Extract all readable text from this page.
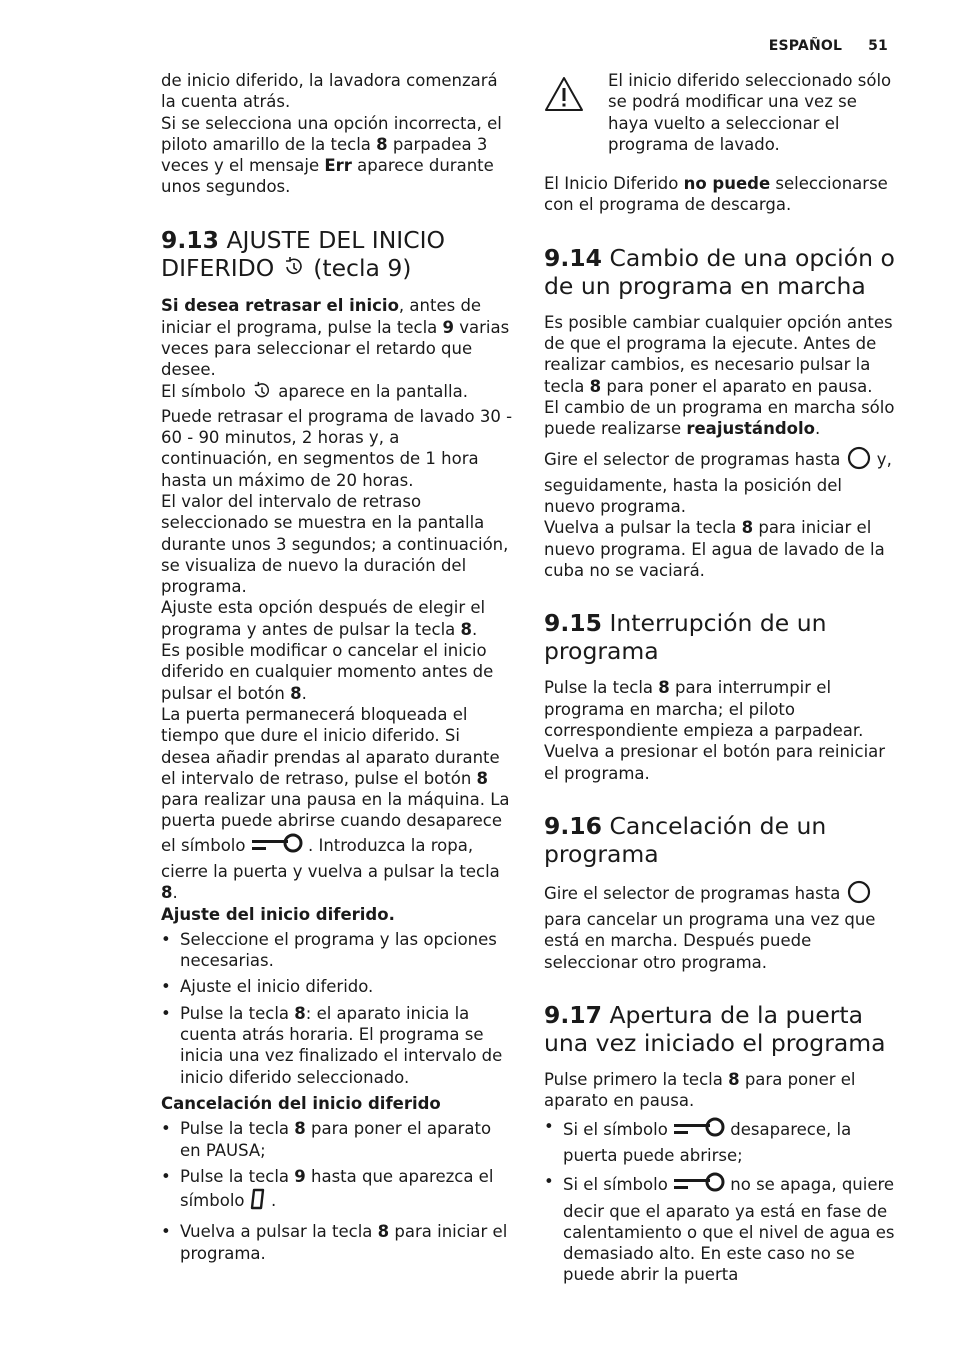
ESPAÑOL 51

de inicio diferido, la lavadora comenzará la cuenta atrás.

Si se selecciona una opción incorrecta, el piloto amarillo de la tecla 8 parpadea 3 veces y el mensaje Err aparece durante unos segundos.

9.13 AJUSTE DEL INICIO DIFERIDO  (tecla 9)

Si desea retrasar el inicio, antes de iniciar el programa, pulse la tecla 9 varias veces para seleccionar el retardo que desee.

El símbolo  aparece en la pantalla.

Puede retrasar el programa de lavado 30 - 60 - 90 minutos, 2 horas y, a continuación, en segmentos de 1 hora hasta un máximo de 20 horas.

El valor del intervalo de retraso seleccionado se muestra en la pantalla durante unos 3 segundos; a continuación, se visualiza de nuevo la duración del programa.

Ajuste esta opción después de elegir el programa y antes de pulsar la tecla 8.

Es posible modificar o cancelar el inicio diferido en cualquier momento antes de pulsar el botón 8.

La puerta permanecerá bloqueada el tiempo que dure el inicio diferido. Si desea añadir prendas al aparato durante el intervalo de retraso, pulse el botón 8 para realizar una pausa en la máquina. La puerta puede abrirse cuando desaparece el símbolo	. Introduzca la ropa, cierre la puerta y vuelva a pulsar la tecla 8.

Ajuste del inicio diferido.

• Seleccione el programa y las opciones necesarias.
• Ajuste el inicio diferido.
• Pulse la tecla 8: el aparato inicia la cuenta atrás horaria. El programa se inicia una vez finalizado el intervalo de inicio diferido seleccionado.

Cancelación del inicio diferido

• Pulse la tecla 8 para poner el aparato en PAUSA;
• Pulse la tecla 9 hasta que aparezca el símbolo  .
• Vuelva a pulsar la tecla 8 para iniciar el programa.

El inicio diferido seleccionado sólo se podrá modificar una vez se haya vuelto a seleccionar el programa de lavado.

El Inicio Diferido no puede seleccionarse con el programa de descarga.

9.14 Cambio de una opción o de un programa en marcha

Es posible cambiar cualquier opción antes de que el programa la ejecute. Antes de realizar cambios, es necesario pulsar la tecla 8 para poner el aparato en pausa.

El cambio de un programa en marcha sólo puede realizarse reajustándolo.

Gire el selector de programas hasta  y, seguidamente, hasta la posición del nuevo programa.

Vuelva a pulsar la tecla 8 para iniciar el nuevo programa. El agua de lavado de la cuba no se vaciará.

9.15 Interrupción de un programa

Pulse la tecla 8 para interrumpir el programa en marcha; el piloto correspondiente empieza a parpadear. Vuelva a presionar el botón para reiniciar el programa.

9.16 Cancelación de un programa

Gire el selector de programas hasta  para cancelar un programa una vez que está en marcha. Después puede seleccionar otro programa.

9.17 Apertura de la puerta una vez iniciado el programa

Pulse primero la tecla 8 para poner el aparato en pausa.

• Si el símbolo	desaparece, la puerta puede abrirse;
• Si el símbolo	no se apaga, quiere decir que el aparato ya está en fase de calentamiento o que el nivel de agua es demasiado alto. En este caso no se puede abrir la puerta
